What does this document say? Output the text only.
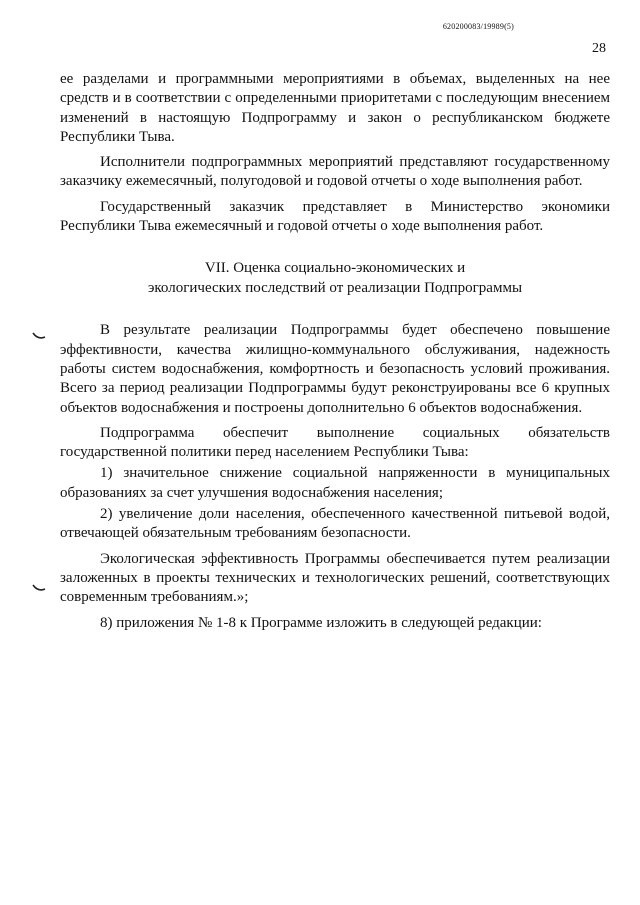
620200083/19989(5)
28

ее разделами и программными мероприятиями в объемах, выделенных на нее средств и в соответствии с определенными приоритетами с последующим внесением изменений в настоящую Подпрограмму и закон о республиканском бюджете Республики Тыва.

Исполнители подпрограммных мероприятий представляют государственному заказчику ежемесячный, полугодовой и годовой отчеты о ходе выполнения работ.

Государственный заказчик представляет в Министерство экономики Республики Тыва ежемесячный и годовой отчеты о ходе выполнения работ.

VII. Оценка социально-экономических и
экологических последствий от реализации Подпрограммы

В результате реализации Подпрограммы будет обеспечено повышение эффективности, качества жилищно-коммунального обслуживания, надежность работы систем водоснабжения, комфортность и безопасность условий проживания. Всего за период реализации Подпрограммы будут реконструированы все 6 крупных объектов водоснабжения и построены дополнительно 6 объектов водоснабжения.

Подпрограмма обеспечит выполнение социальных обязательств государственной политики перед населением Республики Тыва:

1) значительное снижение социальной напряженности в муниципальных образованиях за счет улучшения водоснабжения населения;

2) увеличение доли населения, обеспеченного качественной питьевой водой, отвечающей обязательным требованиям безопасности.

Экологическая эффективность Программы обеспечивается путем реализации заложенных в проекты технических и технологических решений, соответствующих современным требованиям.»;

8) приложения № 1-8 к Программе изложить в следующей редакции:
